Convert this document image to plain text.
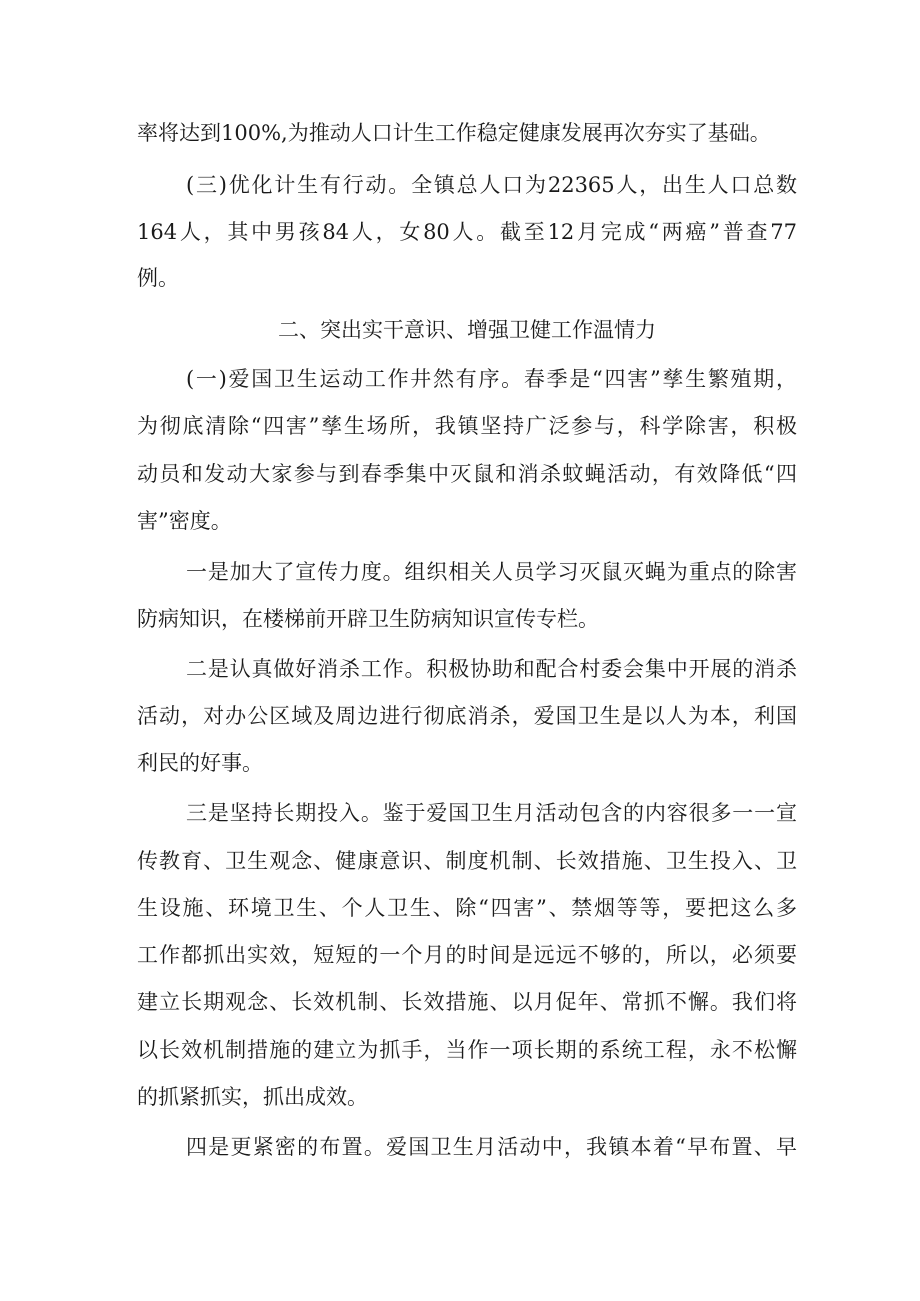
率将达到100%,为推动人口计生工作稳定健康发展再次夯实了基础。
(三)优化计生有行动。全镇总人口为22365人，出生人口总数
164人，其中男孩84人，女80人。截至12月完成“两癌”普查77
例。
二、突出实干意识、增强卫健工作温情力
(一)爱国卫生运动工作井然有序。春季是“四害”孳生繁殖期，
为彻底清除“四害”孳生场所，我镇坚持广泛参与，科学除害，积极
动员和发动大家参与到春季集中灭鼠和消杀蚊蝇活动，有效降低“四
害”密度。
一是加大了宣传力度。组织相关人员学习灭鼠灭蝇为重点的除害
防病知识，在楼梯前开辟卫生防病知识宣传专栏。
二是认真做好消杀工作。积极协助和配合村委会集中开展的消杀
活动，对办公区域及周边进行彻底消杀，爱国卫生是以人为本，利国
利民的好事。
三是坚持长期投入。鉴于爱国卫生月活动包含的内容很多一一宣
传教育、卫生观念、健康意识、制度机制、长效措施、卫生投入、卫
生设施、环境卫生、个人卫生、除“四害”、禁烟等等，要把这么多
工作都抓出实效，短短的一个月的时间是远远不够的，所以，必须要
建立长期观念、长效机制、长效措施、以月促年、常抓不懈。我们将
以长效机制措施的建立为抓手，当作一项长期的系统工程，永不松懈
的抓紧抓实，抓出成效。
四是更紧密的布置。爱国卫生月活动中，我镇本着“早布置、早
